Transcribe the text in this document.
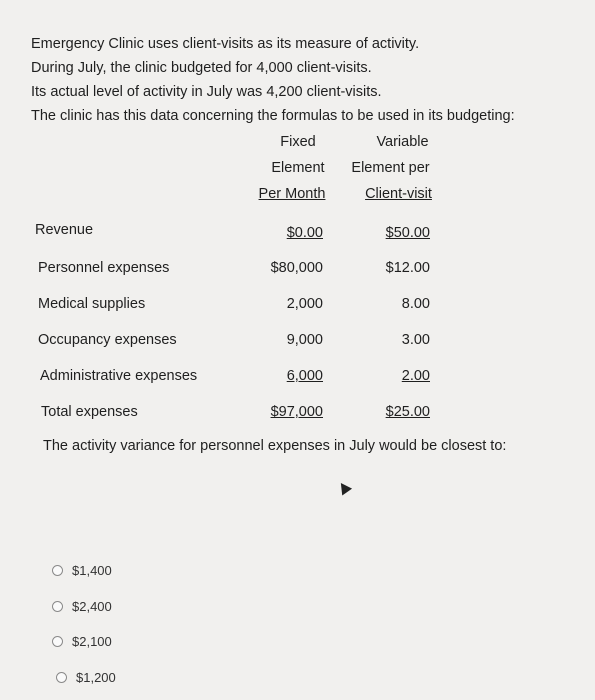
Emergency Clinic uses client-visits as its measure of activity.
During July, the clinic budgeted for 4,000 client-visits.
Its actual level of activity in July was 4,200 client-visits.
The clinic has this data concerning the formulas to be used in its budgeting:
Fixed
Element
Per Month
Variable
Element per
Client-visit
Revenue	$0.00	$50.00
Personnel expenses	$80,000	$12.00
Medical supplies	2,000	8.00
Occupancy expenses	9,000	3.00
Administrative expenses	6,000	2.00
Total expenses	$97,000	$25.00
The activity variance for personnel expenses in July would be closest to:
$1,400
$2,400
$2,100
$1,200
